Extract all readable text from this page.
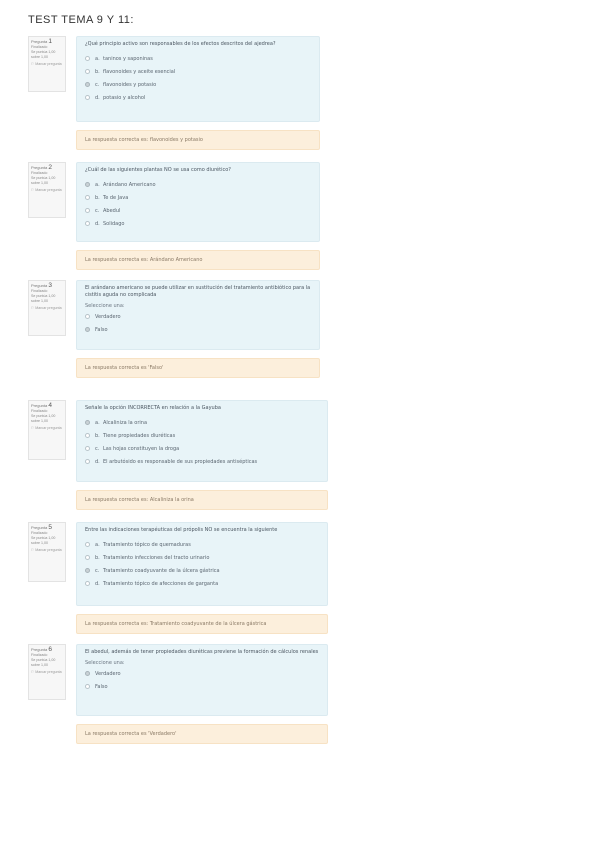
TEST TEMA 9 Y 11:
Pregunta 1
Finalizado
Se puntúa 1,00 sobre 1,00
⚐ Marcar pregunta
¿Qué principio activo son responsables de los efectos descritos del ajedrea?
a. taninos y saponinas
b. flavonoides y aceite esencial
c. flavonoides y potasio
d. potasio y alcohol
La respuesta correcta es: flavonoides y potasio
Pregunta 2
Finalizado
Se puntúa 1,00 sobre 1,00
⚐ Marcar pregunta
¿Cuál de las siguientes plantas NO se usa como diurético?
a. Arándano Americano
b. Te de Java
c. Abedul
d. Solidago
La respuesta correcta es: Arándano Americano
Pregunta 3
Finalizado
Se puntúa 1,00 sobre 1,00
⚐ Marcar pregunta
El arándano americano se puede utilizar en sustitución del tratamiento antibiótico para la cistitis aguda no complicada
Seleccione una:
Verdadero
Falso
La respuesta correcta es 'Falso'
Pregunta 4
Finalizado
Se puntúa 1,00 sobre 1,00
⚐ Marcar pregunta
Señale la opción INCORRECTA en relación a la Gayuba
a. Alcaliniza la orina
b. Tiene propiedades diuréticas
c. Las hojas constituyen la droga
d. El arbutósido es responsable de sus propiedades antisépticas
La respuesta correcta es: Alcaliniza la orina
Pregunta 5
Finalizado
Se puntúa 1,00 sobre 1,00
⚐ Marcar pregunta
Entre las indicaciones terapéuticas del própolis NO se encuentra la siguiente
a. Tratamiento tópico de quemaduras
b. Tratamiento infecciones del tracto urinario
c. Tratamiento coadyuvante de la úlcera gástrica
d. Tratamiento tópico de afecciones de garganta
La respuesta correcta es: Tratamiento coadyuvante de la úlcera gástrica
Pregunta 6
Finalizado
Se puntúa 1,00 sobre 1,00
⚐ Marcar pregunta
El abedul, además de tener propiedades diuréticas previene la formación de cálculos renales
Seleccione una:
Verdadero
Falso
La respuesta correcta es 'Verdadero'
